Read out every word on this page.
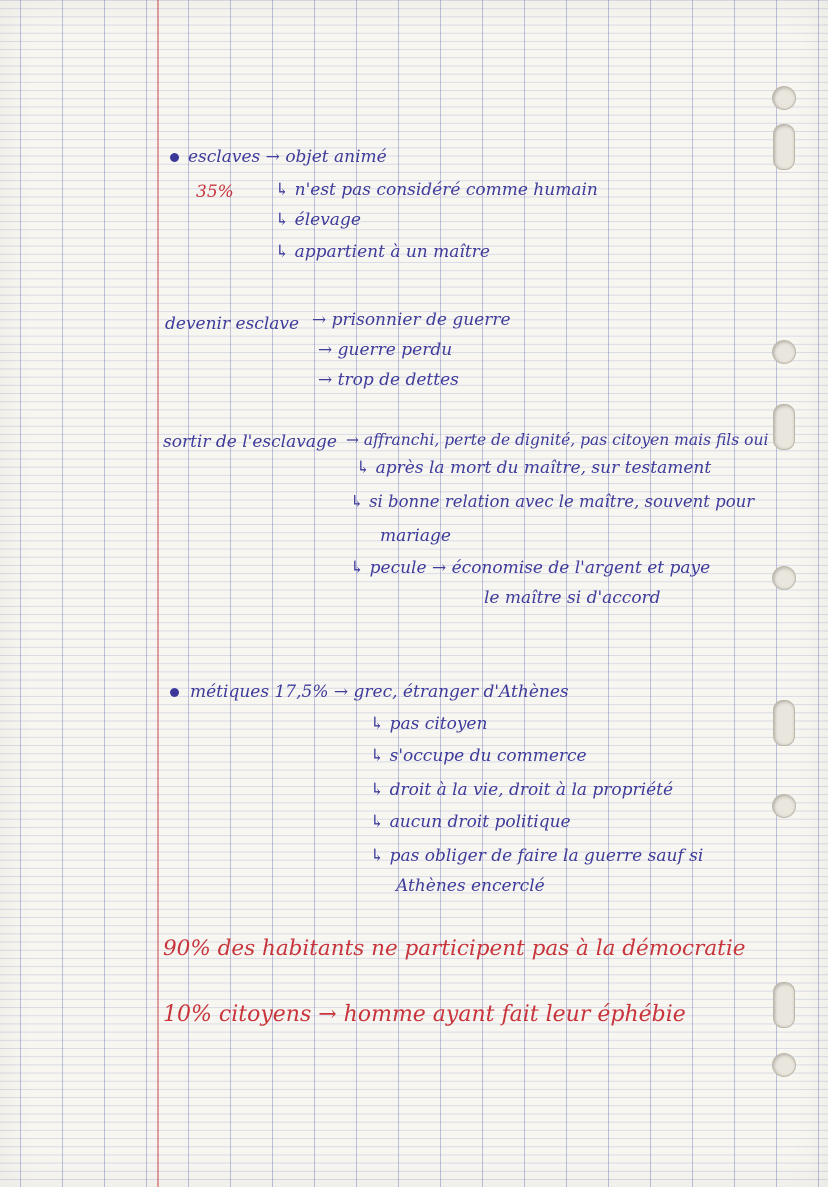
esclaves → objet animé
35% ↳ n'est pas considéré comme humain
↳ élevage
↳ appartient à un maître
devenir esclave → prisonnier de guerre
→ guerre perdu
→ trop de dettes
sortir de l'esclavage → affranchi, perte de dignité, pas citoyen mais fils oui
↳ après la mort du maître, sur testament
↳ si bonne relation avec le maître, souvent pour
mariage
↳ pecule → économise de l'argent et paye
le maître si d'accord
métiques 17,5% → grec, étranger d'Athènes
↳ pas citoyen
↳ s'occupe du commerce
↳ droit à la vie, droit à la propriété
↳ aucun droit politique
↳ pas obliger de faire la guerre sauf si
Athènes encerclé
90% des habitants ne participent pas à la démocratie
10% citoyens → homme ayant fait leur éphébie
